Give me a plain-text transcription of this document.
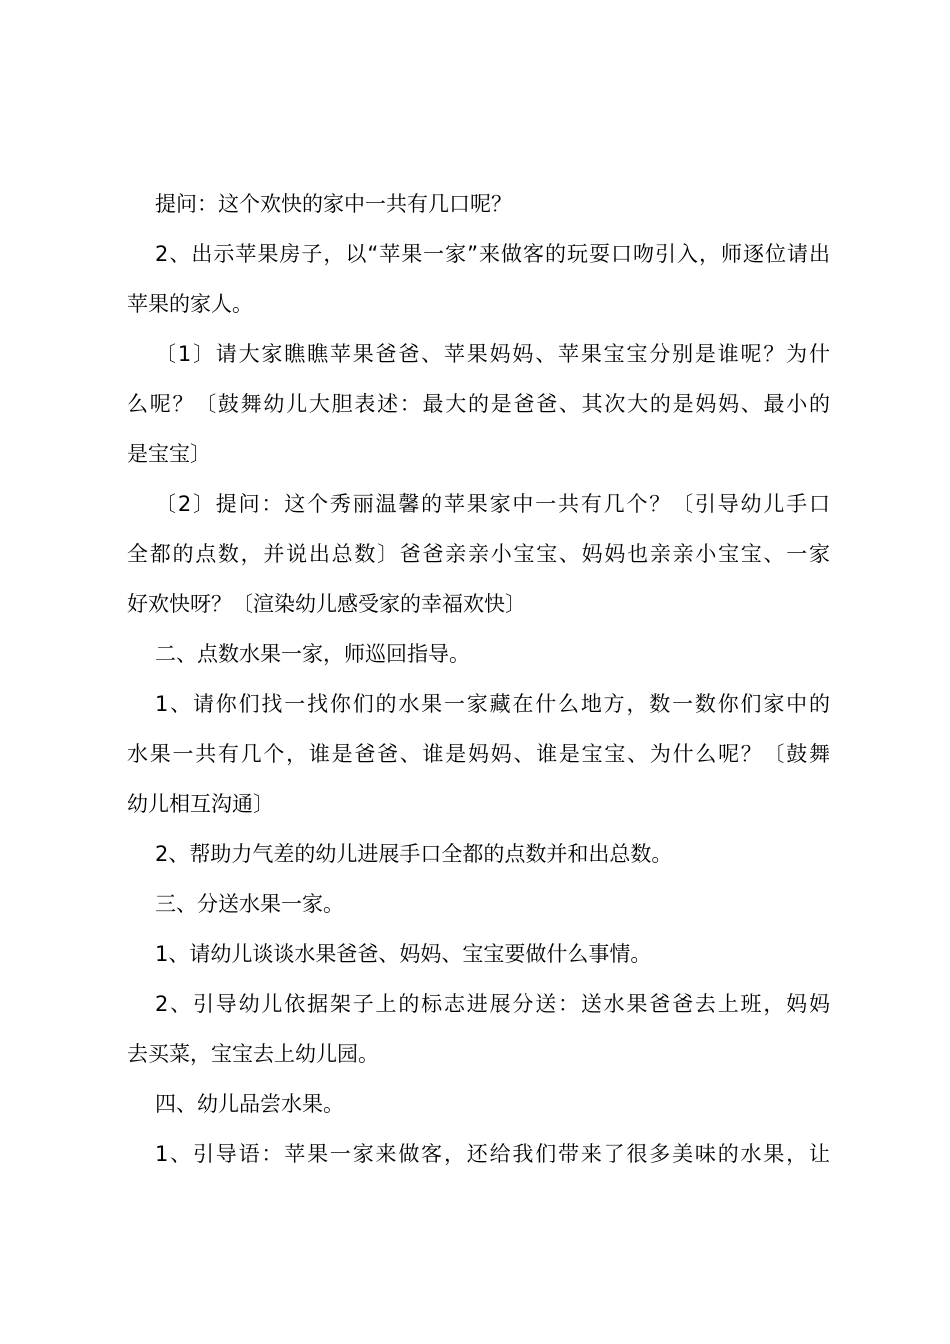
提问：这个欢快的家中一共有几口呢？

2、出示苹果房子，以“苹果一家”来做客的玩耍口吻引入，师逐位请出

苹果的家人。

〔1〕请大家瞧瞧苹果爸爸、苹果妈妈、苹果宝宝分别是谁呢？为什

么呢？〔鼓舞幼儿大胆表述：最大的是爸爸、其次大的是妈妈、最小的

是宝宝〕

〔2〕提问：这个秀丽温馨的苹果家中一共有几个？〔引导幼儿手口

全都的点数，并说出总数〕爸爸亲亲小宝宝、妈妈也亲亲小宝宝、一家

好欢快呀？〔渲染幼儿感受家的幸福欢快〕

二、点数水果一家，师巡回指导。

1、请你们找一找你们的水果一家藏在什么地方，数一数你们家中的

水果一共有几个，谁是爸爸、谁是妈妈、谁是宝宝、为什么呢？〔鼓舞

幼儿相互沟通〕

2、帮助力气差的幼儿进展手口全都的点数并和出总数。

三、分送水果一家。

1、请幼儿谈谈水果爸爸、妈妈、宝宝要做什么事情。

2、引导幼儿依据架子上的标志进展分送：送水果爸爸去上班，妈妈

去买菜，宝宝去上幼儿园。

四、幼儿品尝水果。

1、引导语：苹果一家来做客，还给我们带来了很多美味的水果，让
